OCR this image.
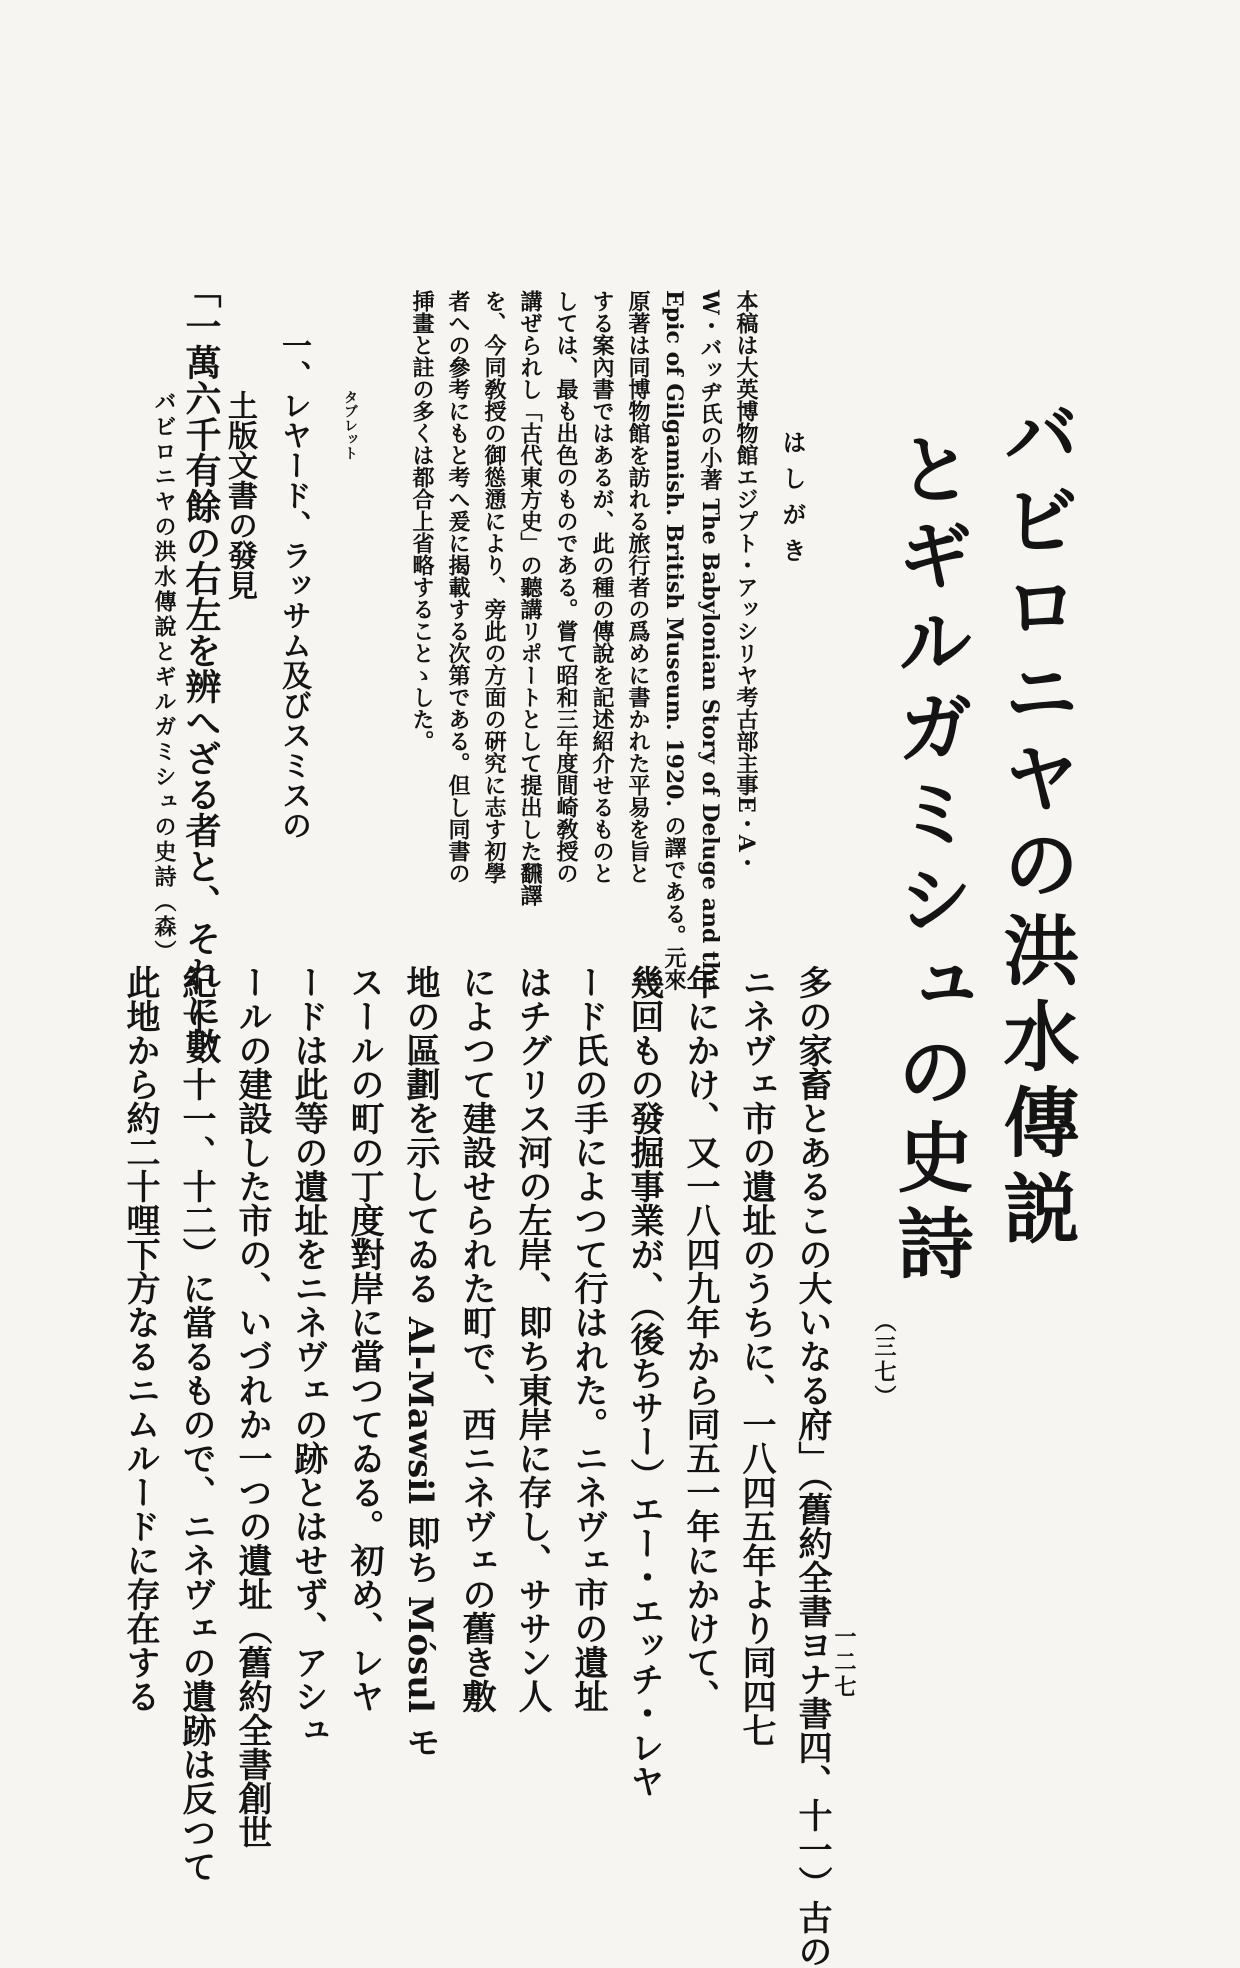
バビロニヤの洪水傳説
とギルガミシュの史詩
はしがき

本稿は大英博物館エジプト・アッシリヤ考古部主事E・A・

W・バッヂ氏の小著 The Babylonian Story of Deluge and the

Epic of Gilgamish. British Museum. 1920. の譯である。元來

原著は同博物館を訪れる旅行者の爲めに書かれた平易を旨と

する案內書ではあるが、此の種の傳說を記述紹介せるものと

しては、最も出色のものである。嘗て昭和三年度間崎敎授の

講ぜられし「古代東方史」の聽講リポートとして提出した飜譯

を、今同敎授の御慫慂により、旁此の方面の硏究に志す初學

者への參考にもと考へ爰に揭載する次第である。但し同書の

挿畫と註の多くは都合上省略することゝした。

一、レヤード、ラッサム及びスミスの
土版文書の發見	タブレット
「一萬六千有餘の右左を辨へざる者と、それに數
バビロニヤの洪水傳說とギルガミシュの史詩（森）
多の家畜とあるこの大いなる府」（舊約全書ヨナ書四、十一）古の
ニネヴェ市の遺址のうちに、一八四五年より同四七
年にかけ、又一八四九年から同五一年にかけて、
幾回もの發掘事業が、（後ちサー）エー・エッチ・レヤ
ード氏の手によつて行はれた。ニネヴェ市の遺址
はチグリス河の左岸、即ち東岸に存し、ササン人
によつて建設せられた町で、西ニネヴェの舊き敷
地の區劃を示してゐる Al-Mawsil 即ち Mósul モ
スールの町の丁度對岸に當つてゐる。初め、レヤ
ードは此等の遺址をニネヴェの跡とはせず、アシュ
ールの建設した市の、いづれか一つの遺址（舊約全書創世
紀十、十一、十二）に當るもので、ニネヴェの遺跡は反つて
此地から約二十哩下方なるニムルードに存在する	（三七）
一二七
